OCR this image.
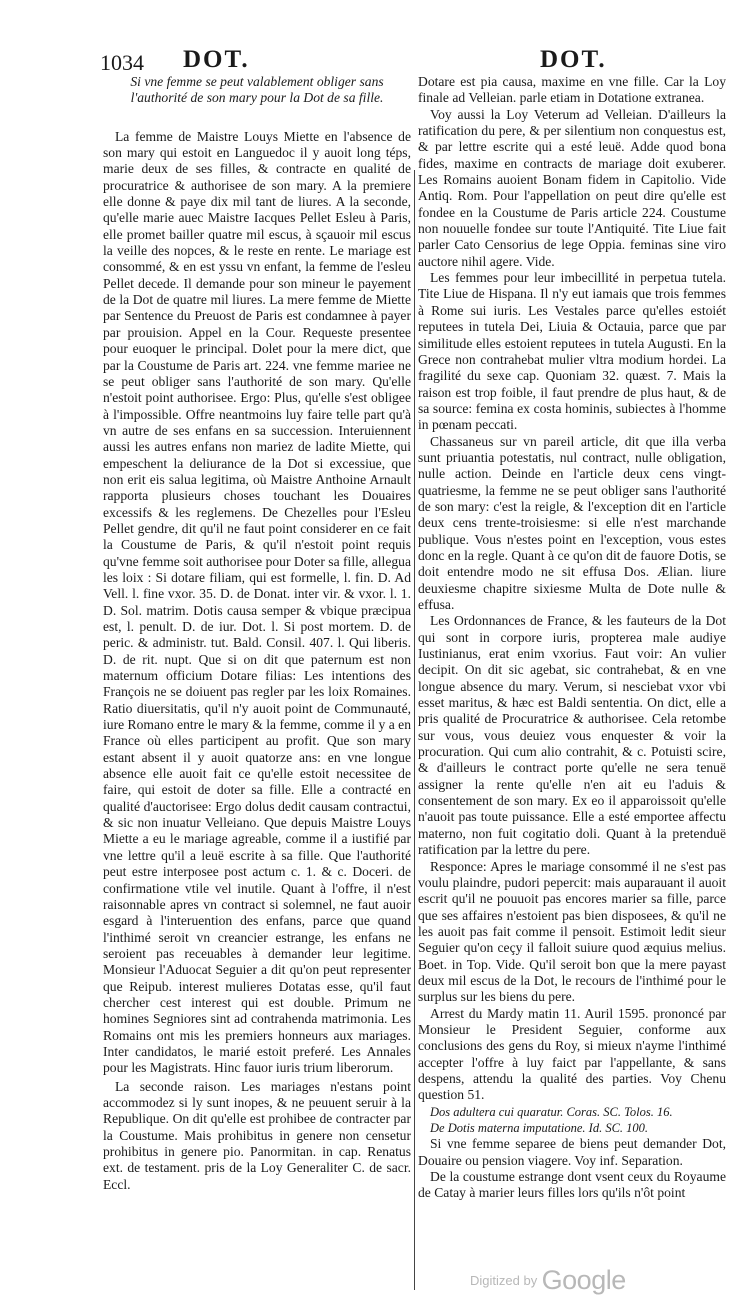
1034 DOT.	DOT.

Si vne femme se peut valablement obliger sans l'authorité de son mary pour la Dot de sa fille.

La femme de Maistre Louys Miette en l'absence de son mary qui estoit en Languedoc il y auoit long téps, marie deux de ses filles, & contracte en qualité de procuratrice & authorisee de son mary. A la premiere elle donne & paye dix mil tant de liures. A la seconde, qu'elle marie auec Maistre Iacques Pellet Esleu à Paris, elle promet bailler quatre mil escus, à sçauoir mil escus la veille des nopces, & le reste en rente. Le mariage est consommé, & en est yssu vn enfant, la femme de l'esleu Pellet decede. Il demande pour son mineur le payement de la Dot de quatre mil liures. La mere femme de Miette par Sentence du Preuost de Paris est condamnee à payer par prouision. Appel en la Cour. Requeste presentee pour euoquer le principal. Dolet pour la mere dict, que par la Coustume de Paris art. 224. vne femme mariee ne se peut obliger sans l'authorité de son mary. Qu'elle n'estoit point authorisee. Ergo: Plus, qu'elle s'est obligee à l'impossible. Offre neantmoins luy faire telle part qu'à vn autre de ses enfans en sa succession. Interuiennent aussi les autres enfans non mariez de ladite Miette, qui empeschent la deliurance de la Dot si excessiue, que non erit eis salua legitima, où Maistre Anthoine Arnault rapporta plusieurs choses touchant les Douaires excessifs & les reglemens. De Chezelles pour l'Esleu Pellet gendre, dit qu'il ne faut point considerer en ce fait la Coustume de Paris, & qu'il n'estoit point requis qu'vne femme soit authorisee pour Doter sa fille, allegua les loix : Si dotare filiam, qui est formelle, l. fin. D. Ad Vell. l. fine vxor. 35. D. de Donat. inter vir. & vxor. l. 1. D. Sol. matrim. Dotis causa semper & vbique præcipua est, l. penult. D. de iur. Dot. l. Si post mortem. D. de peric. & administr. tut. Bald. Consil. 407. l. Qui liberis. D. de rit. nupt. Que si on dit que paternum est non maternum officium Dotare filias: Les intentions des François ne se doiuent pas regler par les loix Romaines. Ratio diuersitatis, qu'il n'y auoit point de Communauté, iure Romano entre le mary & la femme, comme il y a en France où elles participent au profit. Que son mary estant absent il y auoit quatorze ans: en vne longue absence elle auoit fait ce qu'elle estoit necessitee de faire, qui estoit de doter sa fille. Elle a contracté en qualité d'auctorisee: Ergo dolus dedit causam contractui, & sic non inuatur Velleiano. Que depuis Maistre Louys Miette a eu le mariage agreable, comme il a iustifié par vne lettre qu'il a leuë escrite à sa fille. Que l'authorité peut estre interposee post actum c. 1. & c. Doceri. de confirmatione vtile vel inutile. Quant à l'offre, il n'est raisonnable apres vn contract si solemnel, ne faut auoir esgard à l'interuention des enfans, parce que quand l'inthimé seroit vn creancier estrange, les enfans ne seroient pas receuables à demander leur legitime. Monsieur l'Aduocat Seguier a dit qu'on peut representer que Reipub. interest mulieres Dotatas esse, qu'il faut chercher cest interest qui est double. Primum ne homines Segniores sint ad contrahenda matrimonia. Les Romains ont mis les premiers honneurs aux mariages. Inter candidatos, le marié estoit preferé. Les Annales pour les Magistrats. Hinc fauor iuris trium liberorum.

La seconde raison. Les mariages n'estans point accommodez si ly sunt inopes, & ne peuuent seruir à la Republique. On dit qu'elle est prohibee de contracter par la Coustume. Mais prohibitus in genere non censetur prohibitus in genere pio. Panormitan. in cap. Renatus ext. de testament. pris de la Loy Generaliter C. de sacr. Eccl.

Dotare est pia causa, maxime en vne fille. Car la Loy finale ad Velleian. parle etiam in Dotatione extranea.

Voy aussi la Loy Veterum ad Velleian. D'ailleurs la ratification du pere, & per silentium non conquestus est, & par lettre escrite qui a esté leuë. Adde quod bona fides, maxime en contracts de mariage doit exuberer. Les Romains auoient Bonam fidem in Capitolio. Vide Antiq. Rom. Pour l'appellation on peut dire qu'elle est fondee en la Coustume de Paris article 224. Coustume non nouuelle fondee sur toute l'Antiquité. Tite Liue fait parler Cato Censorius de lege Oppia. feminas sine viro auctore nihil agere. Vide.

Les femmes pour leur imbecillité in perpetua tutela. Tite Liue de Hispana. Il n'y eut iamais que trois femmes à Rome sui iuris. Les Vestales parce qu'elles estoiét reputees in tutela Dei, Liuia & Octauia, parce que par similitude elles estoient reputees in tutela Augusti. En la Grece non contrahebat mulier vltra modium hordei. La fragilité du sexe cap. Quoniam 32. quæst. 7. Mais la raison est trop foible, il faut prendre de plus haut, & de sa source: femina ex costa hominis, subiectes à l'homme in pœnam peccati.

Chassaneus sur vn pareil article, dit que illa verba sunt priuantia potestatis, nul contract, nulle obligation, nulle action. Deinde en l'article deux cens vingt-quatriesme, la femme ne se peut obliger sans l'authorité de son mary: c'est la reigle, & l'exception dit en l'article deux cens trente-troisiesme: si elle n'est marchande publique. Vous n'estes point en l'exception, vous estes donc en la regle. Quant à ce qu'on dit de fauore Dotis, se doit entendre modo ne sit effusa Dos. Ælian. liure deuxiesme chapitre sixiesme Multa de Dote nulle & effusa.

Les Ordonnances de France, & les fauteurs de la Dot qui sont in corpore iuris, propterea male audiye Iustinianus, erat enim vxorius. Faut voir: An vulier decipit. On dit sic agebat, sic contrahebat, & en vne longue absence du mary. Verum, si nesciebat vxor vbi esset maritus, & hæc est Baldi sententia. On dict, elle a pris qualité de Procuratrice & authorisee. Cela retombe sur vous, vous deuiez vous enquester & voir la procuration. Qui cum alio contrahit, & c. Potuisti scire, & d'ailleurs le contract porte qu'elle ne sera tenuë assigner la rente qu'elle n'en ait eu l'aduis & consentement de son mary. Ex eo il apparoissoit qu'elle n'auoit pas toute puissance. Elle a esté emportee affectu materno, non fuit cogitatio doli. Quant à la pretenduë ratification par la lettre du pere.

Responce: Apres le mariage consommé il ne s'est pas voulu plaindre, pudori pepercit: mais auparauant il auoit escrit qu'il ne pouuoit pas encores marier sa fille, parce que ses affaires n'estoient pas bien disposees, & qu'il ne les auoit pas fait comme il pensoit. Estimoit ledit sieur Seguier qu'on ceçy il falloit suiure quod æquius melius. Boet. in Top. Vide. Qu'il seroit bon que la mere payast deux mil escus de la Dot, le recours de l'inthimé pour le surplus sur les biens du pere.

Arrest du Mardy matin 11. Auril 1595. prononcé par Monsieur le President Seguier, conforme aux conclusions des gens du Roy, si mieux n'ayme l'inthimé accepter l'offre à luy faict par l'appellante, & sans despens, attendu la qualité des parties. Voy Chenu question 51.

Dos adultera cui quaratur. Coras. SC. Tolos. 16.

De Dotis materna imputatione. Id. SC. 100.

Si vne femme separee de biens peut demander Dot, Douaire ou pension viagere. Voy inf. Separation.

De la coustume estrange dont vsent ceux du Royaume de Catay à marier leurs filles lors qu'ils n'ôt point

Digitized by Google
